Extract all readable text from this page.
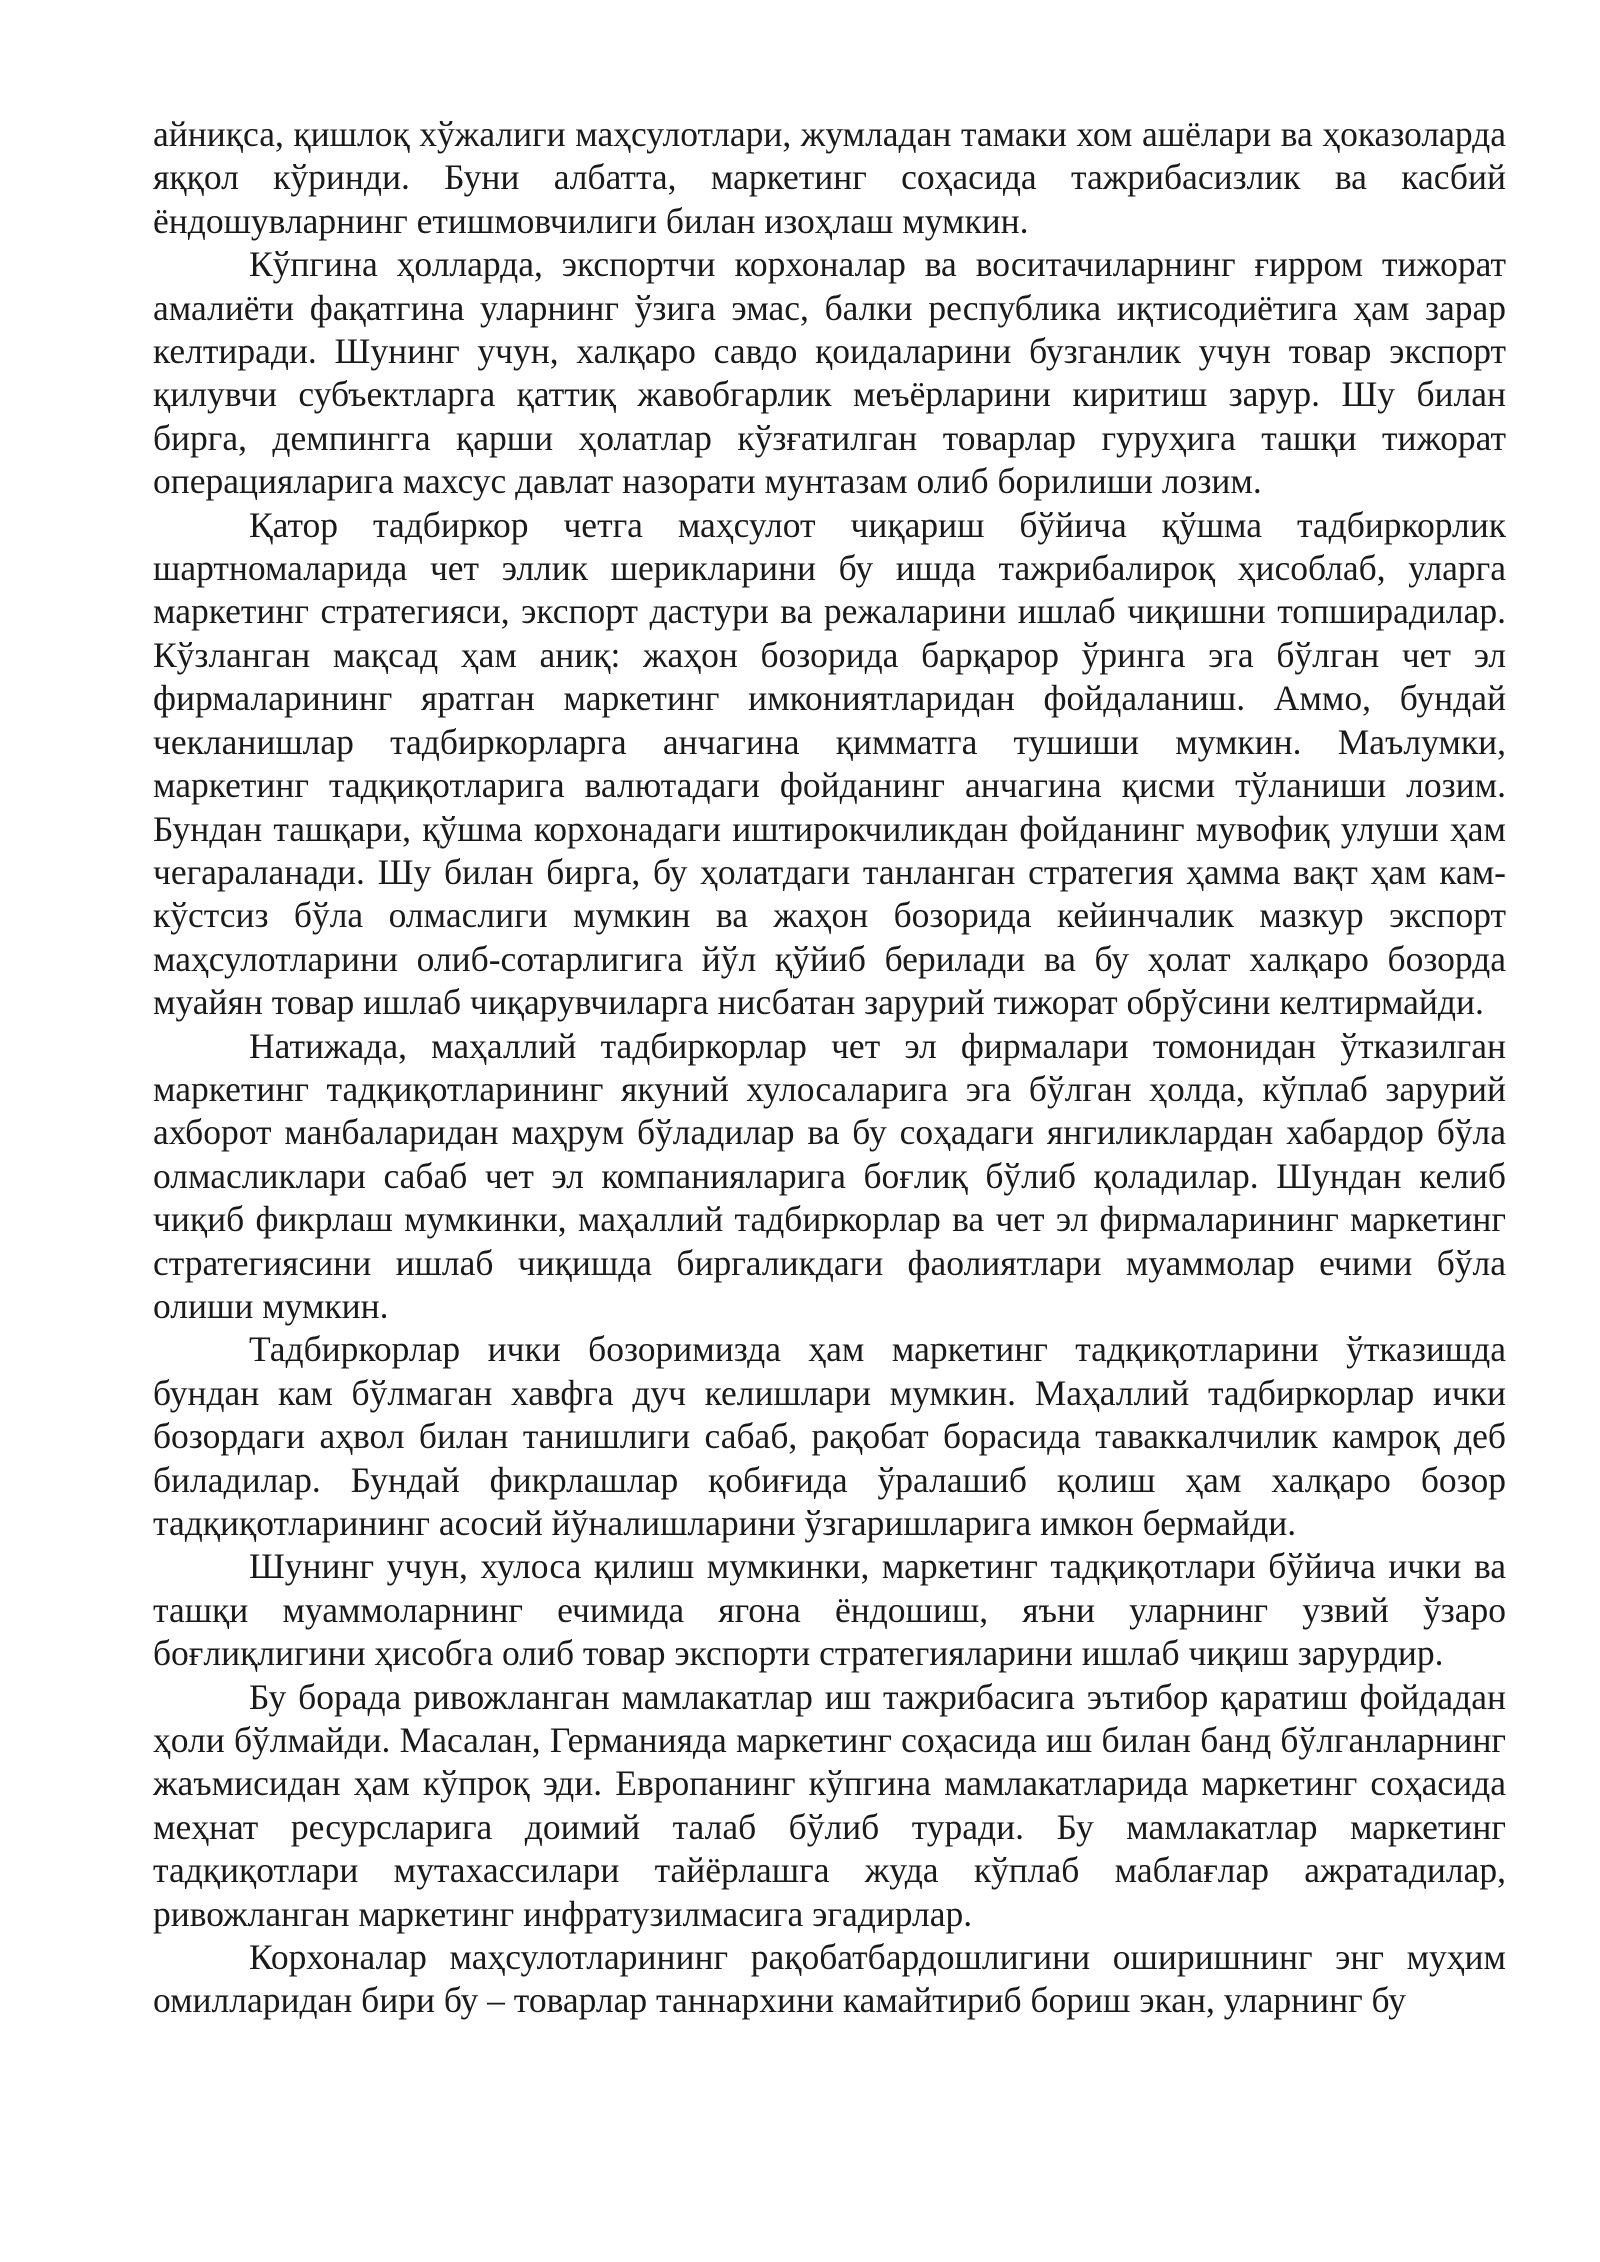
айниқса, қишлоқ хўжалиги маҳсулотлари, жумладан тамаки хом ашёлари ва ҳоказоларда яққол кўринди. Буни албатта, маркетинг соҳасида тажрибасизлик ва касбий ёндошувларнинг етишмовчилиги билан изоҳлаш мумкин.

Кўпгина ҳолларда, экспортчи корхоналар ва воситачиларнинг ғирром тижорат амалиёти фақатгина уларнинг ўзига эмас, балки республика иқтисодиётига ҳам зарар келтиради. Шунинг учун, халқаро савдо қоидаларини бузганлик учун товар экспорт қилувчи субъектларга қаттиқ жавобгарлик меъёрларини киритиш зарур. Шу билан бирга, демпингга қарши ҳолатлар кўзғатилган товарлар гуруҳига ташқи тижорат операцияларига махсус давлат назорати мунтазам олиб борилиши лозим.

Қатор тадбиркор четга маҳсулот чиқариш бўйича қўшма тадбиркорлик шартномаларида чет эллик шерикларини бу ишда тажрибалироқ ҳисоблаб, уларга маркетинг стратегияси, экспорт дастури ва режаларини ишлаб чиқишни топширадилар. Кўзланган мақсад ҳам аниқ: жаҳон бозорида барқарор ўринга эга бўлган чет эл фирмаларининг яратган маркетинг имкониятларидан фойдаланиш. Аммо, бундай чекланишлар тадбиркорларга анчагина қимматга тушиши мумкин. Маълумки, маркетинг тадқиқотларига валютадаги фойданинг анчагина қисми тўланиши лозим. Бундан ташқари, қўшма корхонадаги иштирокчиликдан фойданинг мувофиқ улуши ҳам чегараланади. Шу билан бирга, бу ҳолатдаги танланган стратегия ҳамма вақт ҳам кам-кўстсиз бўла олмаслиги мумкин ва жаҳон бозорида кейинчалик мазкур экспорт маҳсулотларини олиб-сотарлигига йўл қўйиб берилади ва бу ҳолат халқаро бозорда муайян товар ишлаб чиқарувчиларга нисбатан зарурий тижорат обрўсини келтирмайди.

Натижада, маҳаллий тадбиркорлар чет эл фирмалари томонидан ўтказилган маркетинг тадқиқотларининг якуний хулосаларига эга бўлган ҳолда, кўплаб зарурий ахборот манбаларидан маҳрум бўладилар ва бу соҳадаги янгиликлардан хабардор бўла олмасликлари сабаб чет эл компанияларига боғлиқ бўлиб қоладилар. Шундан келиб чиқиб фикрлаш мумкинки, маҳаллий тадбиркорлар ва чет эл фирмаларининг маркетинг стратегиясини ишлаб чиқишда биргаликдаги фаолиятлари муаммолар ечими бўла олиши мумкин.

Тадбиркорлар ички бозоримизда ҳам маркетинг тадқиқотларини ўтказишда бундан кам бўлмаган хавфга дуч келишлари мумкин. Маҳаллий тадбиркорлар ички бозордаги аҳвол билан танишлиги сабаб, рақобат борасида таваккалчилик камроқ деб биладилар. Бундай фикрлашлар қобиғида ўралашиб қолиш ҳам халқаро бозор тадқиқотларининг асосий йўналишларини ўзгаришларига имкон бермайди.

Шунинг учун, хулоса қилиш мумкинки, маркетинг тадқиқотлари бўйича ички ва ташқи муаммоларнинг ечимида ягона ёндошиш, яъни уларнинг узвий ўзаро боғлиқлигини ҳисобга олиб товар экспорти стратегияларини ишлаб чиқиш зарурдир.

Бу борада ривожланган мамлакатлар иш тажрибасига эътибор қаратиш фойдадан ҳоли бўлмайди. Масалан, Германияда маркетинг соҳасида иш билан банд бўлганларнинг жаъмисидан ҳам кўпроқ эди. Европанинг кўпгина мамлакатларида маркетинг соҳасида меҳнат ресурсларига доимий талаб бўлиб туради. Бу мамлакатлар маркетинг тадқиқотлари мутахассилари тайёрлашга жуда кўплаб маблағлар ажратадилар, ривожланган маркетинг инфратузилмасига эгадирлар.

Корхоналар маҳсулотларининг рақобатбардошлигини оширишнинг энг муҳим омилларидан бири бу – товарлар таннархини камайтириб бориш экан, уларнинг бу
